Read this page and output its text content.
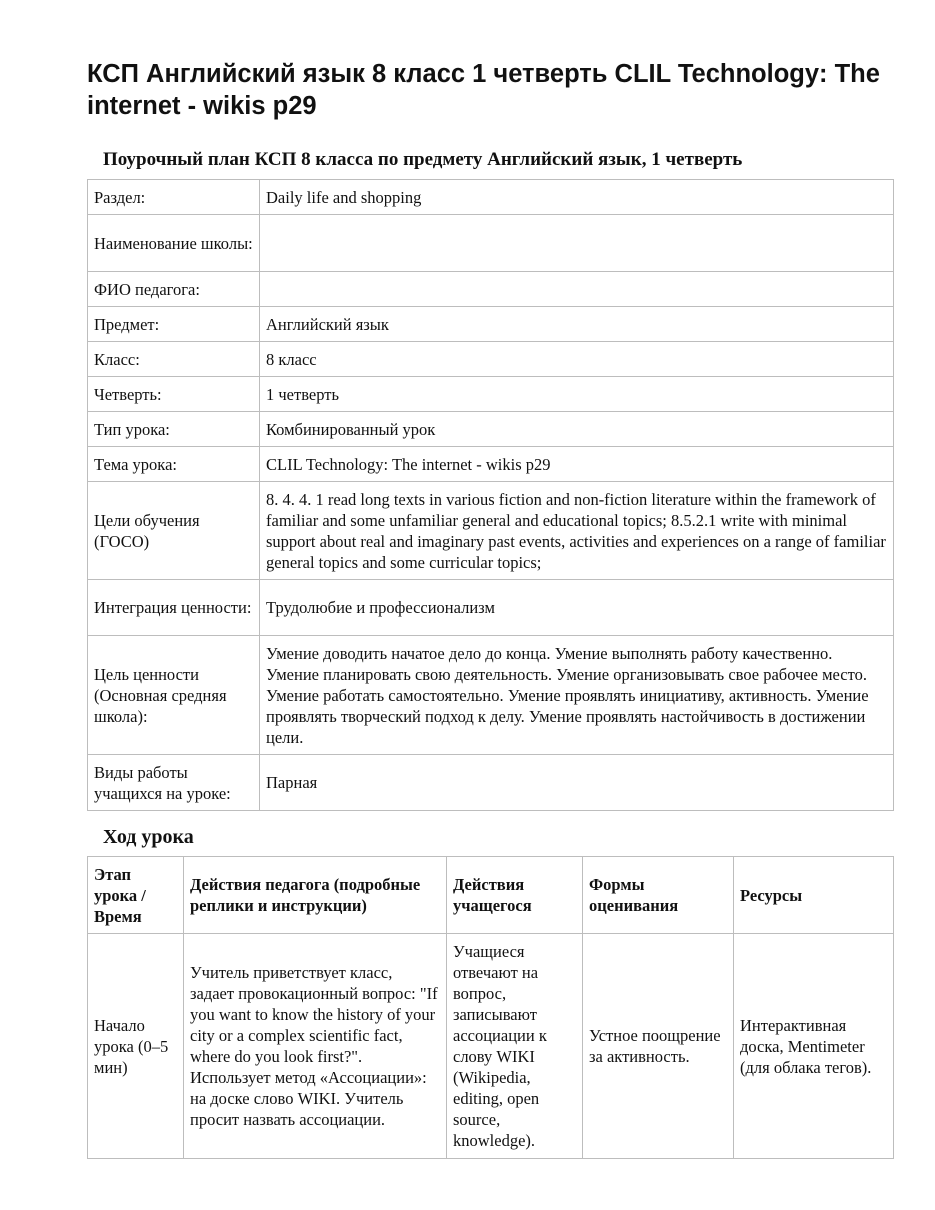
КСП Английский язык 8 класс 1 четверть CLIL Technology: The internet - wikis p29
Поурочный план КСП 8 класса по предмету Английский язык, 1 четверть
Раздел:	Daily life and shopping
Наименование школы:	
ФИО педагога:	
Предмет:	Английский язык
Класс:	8 класс
Четверть:	1 четверть
Тип урока:	Комбинированный урок
Тема урока:	CLIL Technology: The internet - wikis p29
Цели обучения (ГОСО)	8. 4. 4. 1 read long texts in various fiction and non-fiction literature within the framework of familiar and some unfamiliar general and educational topics; 8.5.2.1 write with minimal support about real and imaginary past events, activities and experiences on a range of familiar general topics and some curricular topics;
Интеграция ценности:	Трудолюбие и профессионализм
Цель ценности (Основная средняя школа):	Умение доводить начатое дело до конца. Умение выполнять работу качественно. Умение планировать свою деятельность. Умение организовывать свое рабочее место. Умение работать самостоятельно. Умение проявлять инициативу, активность. Умение проявлять творческий подход к делу. Умение проявлять настойчивость в достижении цели.
Виды работы учащихся на уроке:	Парная
Ход урока
Этап урока / Время	Действия педагога (подробные реплики и инструкции)	Действия учащегося	Формы оценивания	Ресурсы
Начало урока (0–5 мин)	Учитель приветствует класс, задает провокационный вопрос: "If you want to know the history of your city or a complex scientific fact, where do you look first?". Использует метод «Ассоциации»: на доске слово WIKI. Учитель просит назвать ассоциации.	Учащиеся отвечают на вопрос, записывают ассоциации к слову WIKI (Wikipedia, editing, open source, knowledge).	Устное поощрение за активность.	Интерактивная доска, Mentimeter (для облака тегов).
